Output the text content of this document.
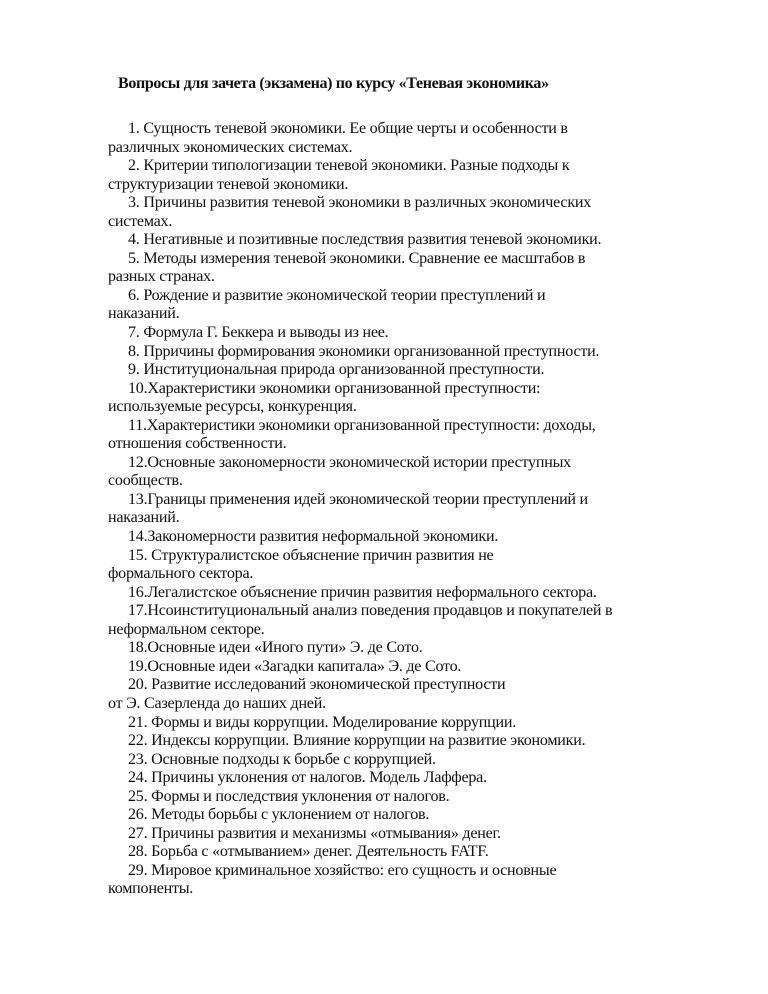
Вопросы для зачета (экзамена) по курсу «Теневая экономика»
1. Сущность теневой экономики. Ее общие черты и особенности в
различных экономических системах.
2. Критерии типологизации теневой экономики. Разные подходы к
структуризации теневой экономики.
3. Причины развития теневой экономики в различных экономических
системах.
4. Негативные и позитивные последствия развития теневой экономики.
5. Методы измерения теневой экономики. Сравнение ее масштабов в
разных странах.
6. Рождение и развитие экономической теории преступлений и
наказаний.
7. Формула Г. Беккера и выводы из нее.
8. Прричины формирования экономики организованной преступности.
9. Институциональная природа организованной преступности.
10.Характеристики экономики организованной преступности:
используемые ресурсы, конкуренция.
11.Характеристики экономики организованной преступности: доходы,
отношения собственности.
12.Основные закономерности экономической истории преступных
сообществ.
13.Границы применения идей экономической теории преступлений и
наказаний.
14.Закономерности развития неформальной экономики.
15. Структуралистское объяснение причин развития не
формального сектора.
16.Легалистское объяснение причин развития неформального сектора.
17.Нсоинституциональный анализ поведения продавцов и покупателей в
неформальном секторе.
18.Основные идеи «Иного пути» Э. де Сото.
19.Основные идеи «Загадки капитала» Э. де Сото.
20. Развитие исследований экономической преступности
от Э. Сазерленда до наших дней.
21. Формы и виды коррупции. Моделирование коррупции.
22. Индексы коррупции. Влияние коррупции на развитие экономики.
23. Основные подходы к борьбе с коррупцией.
24. Причины уклонения от налогов. Модель Лаффера.
25. Формы и последствия уклонения от налогов.
26. Методы борьбы с уклонением от налогов.
27. Причины развития и механизмы «отмывания» денег.
28. Борьба с «отмыванием» денег. Деятельность FATF.
29. Мировое криминальное хозяйство: его сущность и основные
компоненты.
